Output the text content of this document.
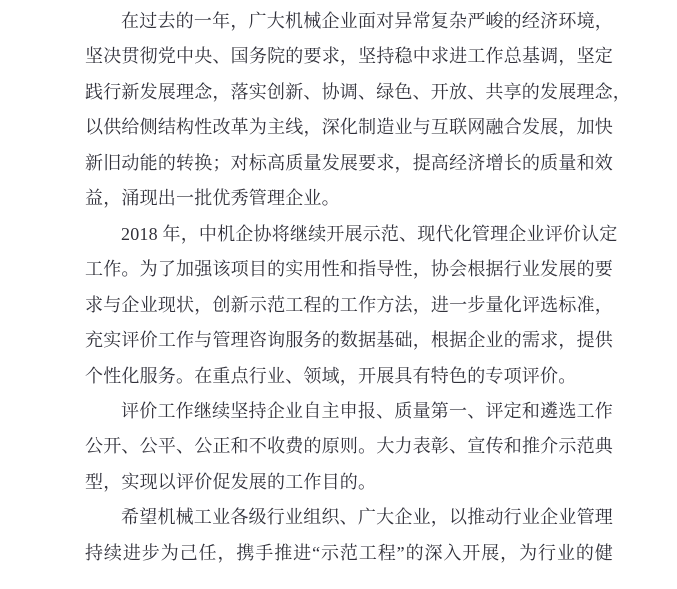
在过去的一年，广大机械企业面对异常复杂严峻的经济环境，
坚决贯彻党中央、国务院的要求，坚持稳中求进工作总基调，坚定
践行新发展理念，落实创新、协调、绿色、开放、共享的发展理念，
以供给侧结构性改革为主线，深化制造业与互联网融合发展，加快
新旧动能的转换；对标高质量发展要求，提高经济增长的质量和效
益，涌现出一批优秀管理企业。
2018 年，中机企协将继续开展示范、现代化管理企业评价认定
工作。为了加强该项目的实用性和指导性，协会根据行业发展的要
求与企业现状，创新示范工程的工作方法，进一步量化评选标准，
充实评价工作与管理咨询服务的数据基础，根据企业的需求，提供
个性化服务。在重点行业、领域，开展具有特色的专项评价。
评价工作继续坚持企业自主申报、质量第一、评定和遴选工作
公开、公平、公正和不收费的原则。大力表彰、宣传和推介示范典
型，实现以评价促发展的工作目的。
希望机械工业各级行业组织、广大企业，以推动行业企业管理
持续进步为己任，携手推进“示范工程”的深入开展，为行业的健
